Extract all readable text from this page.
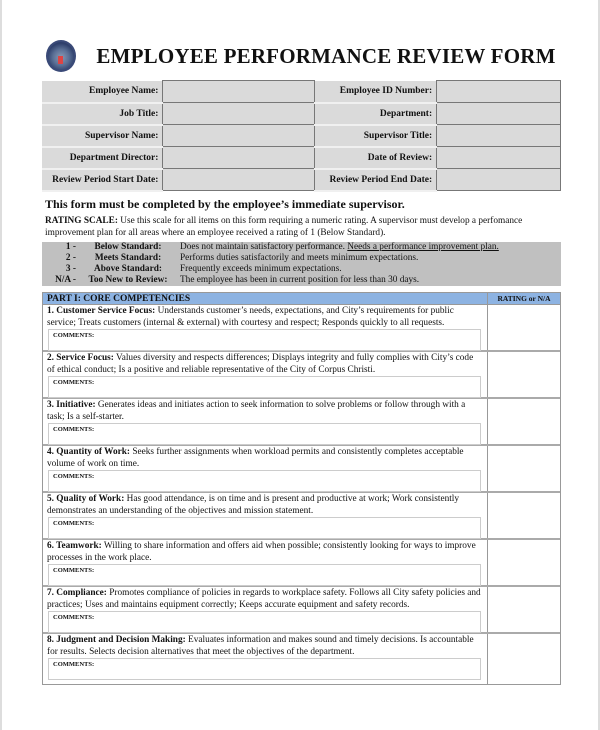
EMPLOYEE PERFORMANCE REVIEW FORM
Employee Name:		Employee ID Number:	
Job Title:		Department:	
Supervisor Name:		Supervisor Title:	
Department Director:		Date of Review:	
Review Period Start Date:		Review Period End Date:	
This form must be completed by the employee’s immediate supervisor.
RATING SCALE: Use this scale for all items on this form requiring a numeric rating. A supervisor must develop a perfomance improvement plan for all areas where an employee received a rating of 1 (Below Standard).
1 -	Below Standard:	Does not maintain satisfactory performance. Needs a performance improvement plan.
2 -	Meets Standard:	Performs duties satisfactorily and meets minimum expectations.
3 -	Above Standard:	Frequently exceeds minimum expectations.
N/A -	Too New to Review:	The employee has been in current position for less than 30 days.
PART I: CORE COMPETENCIES	RATING or N/A
1. Customer Service Focus: Understands customer’s needs, expectations, and City’s requirements for public service; Treats customers (internal & external) with courtesy and respect; Responds quickly to all requests.
COMMENTS:
2. Service Focus: Values diversity and respects differences; Displays integrity and fully complies with City’s code of ethical conduct; Is a positive and reliable representative of the City of Corpus Christi.
COMMENTS:
3. Initiative: Generates ideas and initiates action to seek information to solve problems or follow through with a task; Is a self-starter.
COMMENTS:
4. Quantity of Work: Seeks further assignments when workload permits and consistently completes acceptable volume of work on time.
COMMENTS:
5. Quality of Work: Has good attendance, is on time and is present and productive at work; Work consistently demonstrates an understanding of the objectives and mission statement.
COMMENTS:
6. Teamwork: Willing to share information and offers aid when possible; consistently looking for ways to improve processes in the work place.
COMMENTS:
7. Compliance: Promotes compliance of policies in regards to workplace safety. Follows all City safety policies and practices; Uses and maintains equipment correctly; Keeps accurate equipment and safety records.
COMMENTS:
8. Judgment and Decision Making: Evaluates information and makes sound and timely decisions. Is accountable for results. Selects decision alternatives that meet the objectives of the department.
COMMENTS:
